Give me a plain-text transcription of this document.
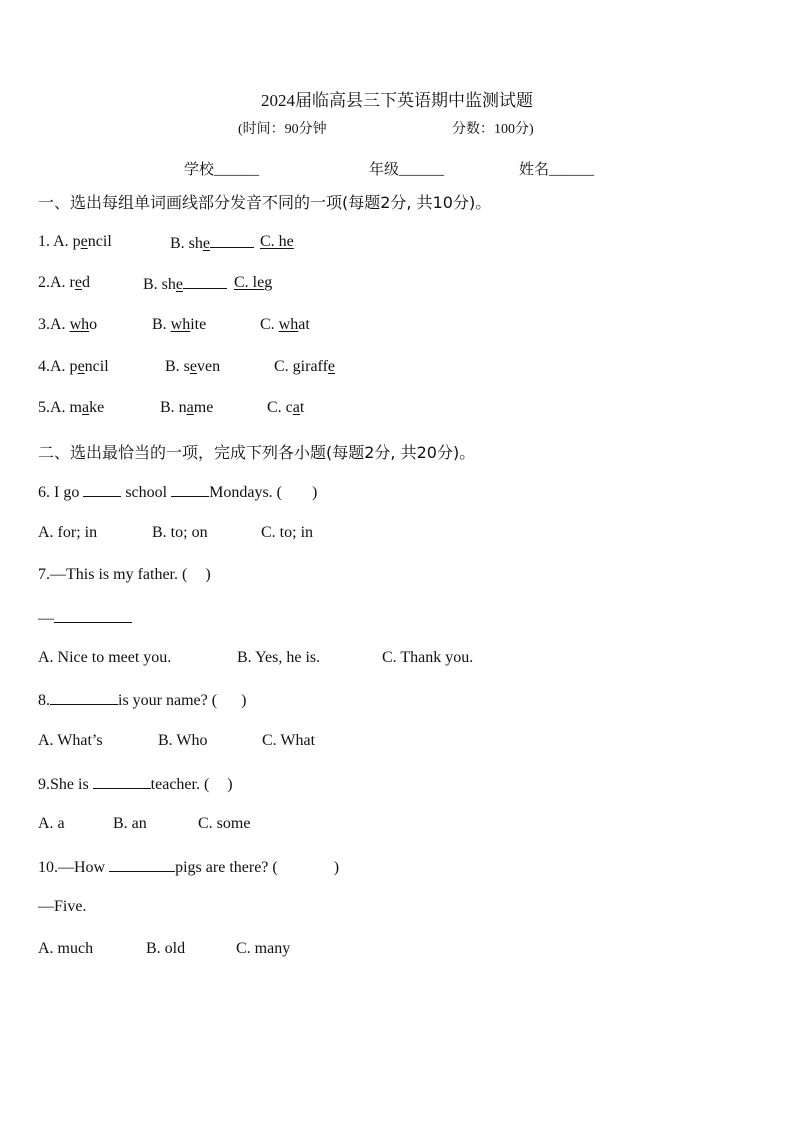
2024届临高县三下英语期中监测试题
(时间：90分钟	分数：100分)
学校______	年级______	姓名______
一、选出每组单词画线部分发音不同的一项(每题2分, 共10分)。
1. A. pencil	B. she	C. he
2.A. red	B. she	C. leg
3.A. who	B. white	C. what
4.A. pencil	B. seven	C. giraffe
5.A. make	B. name	C. cat
二、选出最恰当的一项，完成下列各小题(每题2分, 共20分)。
6. I go	school	Mondays. ( )
A. for; in	B. to; on	C. to; in
7.—This is my father. ( )
—
A. Nice to meet you.	B. Yes, he is.	C. Thank you.
8.	is your name? ( )
A. What’s	B. Who	C. What
9.She is	teacher. ( )
A. a	B. an	C. some
10.—How	pigs are there? (	)
—Five.
A. much	B. old	C. many
